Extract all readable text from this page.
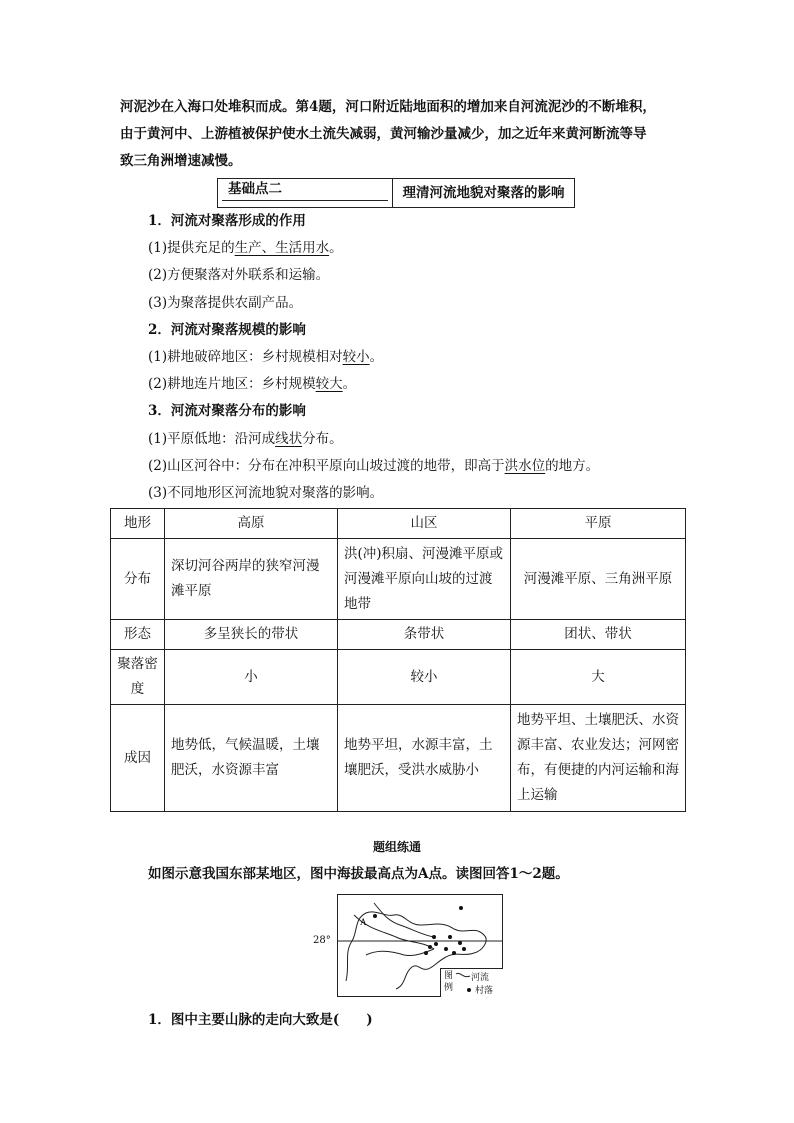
河泥沙在入海口处堆积而成。第4题，河口附近陆地面积的增加来自河流泥沙的不断堆积，
由于黄河中、上游植被保护使水土流失减弱，黄河输沙量减少，加之近年来黄河断流等导
致三角洲增速减慢。
基础点二	理清河流地貌对聚落的影响
1．河流对聚落形成的作用
(1)提供充足的生产、生活用水。
(2)方便聚落对外联系和运输。
(3)为聚落提供农副产品。
2．河流对聚落规模的影响
(1)耕地破碎地区：乡村规模相对较小。
(2)耕地连片地区：乡村规模较大。
3．河流对聚落分布的影响
(1)平原低地：沿河成线状分布。
(2)山区河谷中：分布在冲积平原向山坡过渡的地带，即高于洪水位的地方。
(3)不同地形区河流地貌对聚落的影响。
地形	高原	山区	平原
分布	深切河谷两岸的狭窄河漫滩平原	洪(冲)积扇、河漫滩平原或河漫滩平原向山坡的过渡地带	河漫滩平原、三角洲平原
形态	多呈狭长的带状	条带状	团状、带状
聚落密度	小	较小	大
成因	地势低，气候温暖，土壤肥沃，水资源丰富	地势平坦，水源丰富，土壤肥沃，受洪水威胁小	地势平坦、土壤肥沃、水资源丰富、农业发达；河网密布，有便捷的内河运输和海上运输
题组练通
如图示意我国东部某地区，图中海拔最高点为A点。读图回答1～2题。
28°
A
图例
河流
村落
1．图中主要山脉的走向大致是(　　)
